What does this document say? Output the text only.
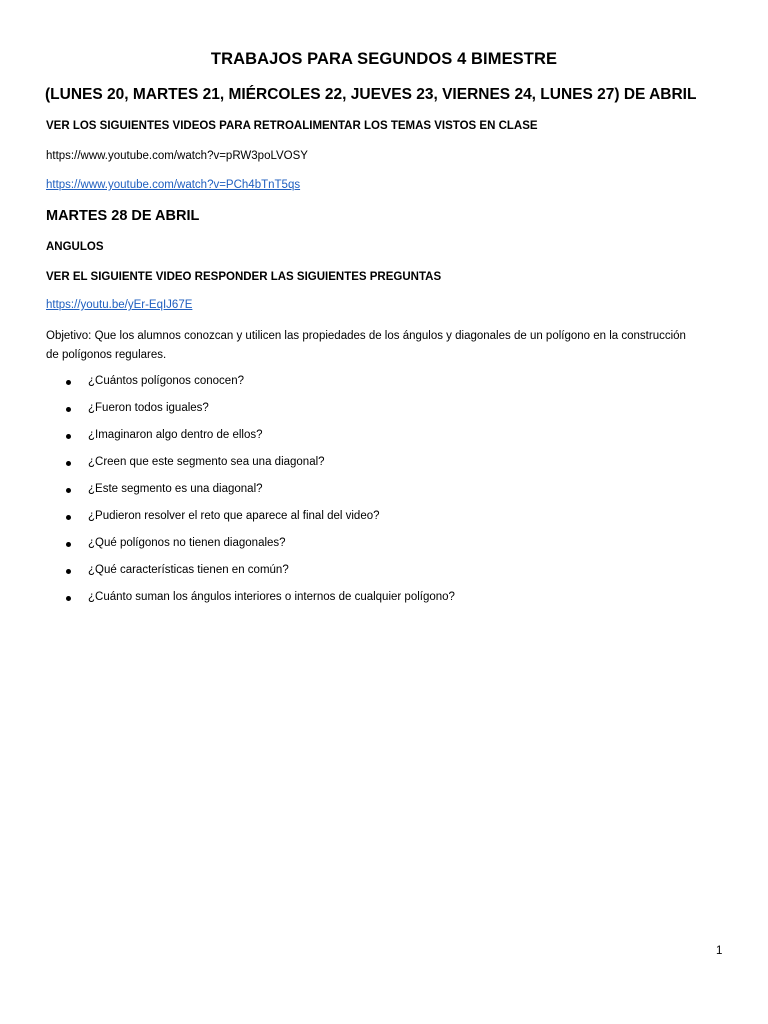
TRABAJOS PARA SEGUNDOS 4 BIMESTRE
(LUNES 20, MARTES 21, MIÉRCOLES 22, JUEVES 23, VIERNES 24, LUNES 27) DE ABRIL
VER LOS SIGUIENTES VIDEOS PARA RETROALIMENTAR LOS TEMAS VISTOS EN CLASE
https://www.youtube.com/watch?v=pRW3poLVOSY
https://www.youtube.com/watch?v=PCh4bTnT5qs
MARTES 28 DE ABRIL
ANGULOS
VER EL SIGUIENTE VIDEO RESPONDER LAS SIGUIENTES PREGUNTAS
https://youtu.be/yEr-EqIJ67E
Objetivo: Que los alumnos conozcan y utilicen las propiedades de los ángulos y diagonales de un polígono en la construcción de polígonos regulares.
¿Cuántos polígonos conocen?
¿Fueron todos iguales?
¿Imaginaron algo dentro de ellos?
¿Creen que este segmento sea una diagonal?
¿Este segmento es una diagonal?
¿Pudieron resolver el reto que aparece al final del video?
¿Qué polígonos no tienen diagonales?
¿Qué características tienen en común?
¿Cuánto suman los ángulos interiores o internos de cualquier polígono?
1
